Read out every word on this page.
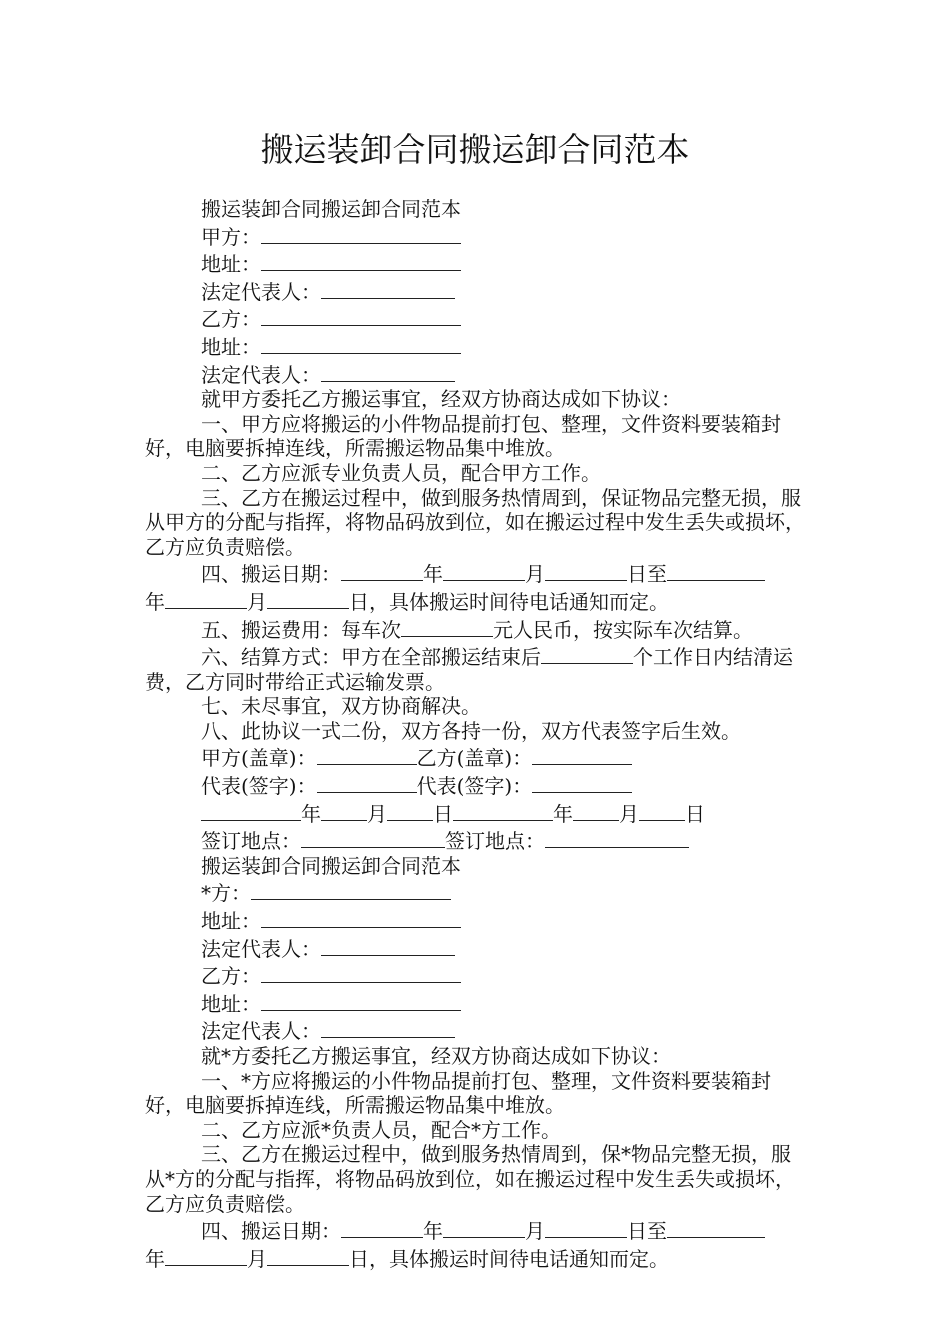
搬运装卸合同搬运卸合同范本

搬运装卸合同搬运卸合同范本

甲方：

地址：

法定代表人：

乙方：

地址：

法定代表人：

就甲方委托乙方搬运事宜，经双方协商达成如下协议：

一、甲方应将搬运的小件物品提前打包、整理，文件资料要装箱封好，电脑要拆掉连线，所需搬运物品集中堆放。

二、乙方应派专业负责人员，配合甲方工作。

三、乙方在搬运过程中，做到服务热情周到，保证物品完整无损，服从甲方的分配与指挥，将物品码放到位，如在搬运过程中发生丢失或损坏，乙方应负责赔偿。

四、搬运日期：	年	月	日至

年	月	日，具体搬运时间待电话通知而定。

五、搬运费用：每车次	元人民币，按实际车次结算。

六、结算方式：甲方在全部搬运结束后	个工作日内结清运费，乙方同时带给正式运输发票。

七、未尽事宜，双方协商解决。

八、此协议一式二份，双方各持一份，双方代表签字后生效。

甲方(盖章)：	乙方(盖章)：

代表(签字)：	代表(签字)：

年 月 日	年 月 日

签订地点：	签订地点：

搬运装卸合同搬运卸合同范本

*方：

地址：

法定代表人：

乙方：

地址：

法定代表人：

就*方委托乙方搬运事宜，经双方协商达成如下协议：

一、*方应将搬运的小件物品提前打包、整理，文件资料要装箱封好，电脑要拆掉连线，所需搬运物品集中堆放。

二、乙方应派*负责人员，配合*方工作。

三、乙方在搬运过程中，做到服务热情周到，保*物品完整无损，服从*方的分配与指挥，将物品码放到位，如在搬运过程中发生丢失或损坏，乙方应负责赔偿。

四、搬运日期：	年	月	日至

年	月	日，具体搬运时间待电话通知而定。
